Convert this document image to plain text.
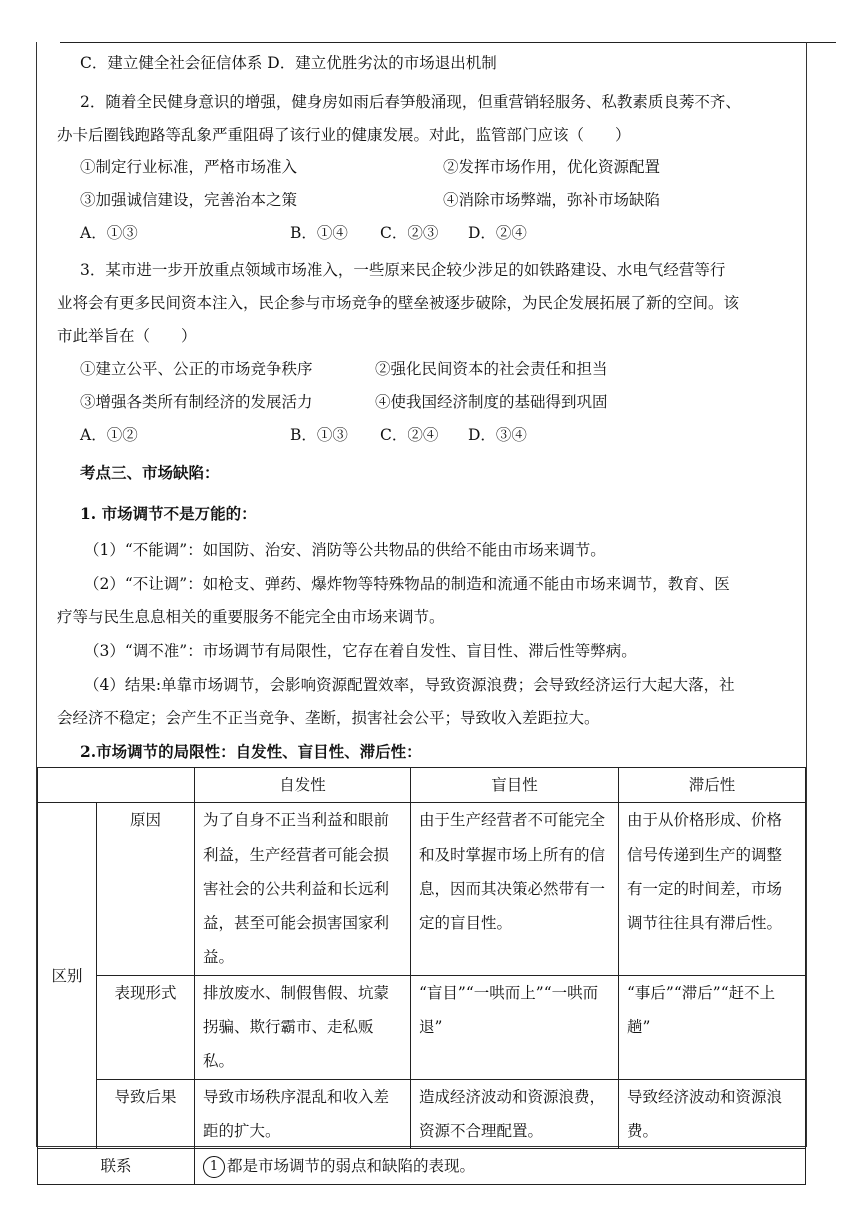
C．建立健全社会征信体系 D．建立优胜劣汰的市场退出机制
2．随着全民健身意识的增强，健身房如雨后春笋般涌现，但重营销轻服务、私教素质良莠不齐、
办卡后圈钱跑路等乱象严重阻碍了该行业的健康发展。对此，监管部门应该（　　）
①制定行业标准，严格市场准入	②发挥市场作用，优化资源配置
③加强诚信建设，完善治本之策	④消除市场弊端，弥补市场缺陷
A．①③	B．①④ C．②③ D．②④
3．某市进一步开放重点领域市场准入，一些原来民企较少涉足的如铁路建设、水电气经营等行
业将会有更多民间资本注入，民企参与市场竞争的壁垒被逐步破除，为民企发展拓展了新的空间。该
市此举旨在（　　）
①建立公平、公正的市场竞争秩序	②强化民间资本的社会责任和担当
③增强各类所有制经济的发展活力	④使我国经济制度的基础得到巩固
A．①②	B．①③ C．②④ D．③④
考点三、市场缺陷：
1. 市场调节不是万能的：
（1）“不能调”：如国防、治安、消防等公共物品的供给不能由市场来调节。
（2）“不让调”：如枪支、弹药、爆炸物等特殊物品的制造和流通不能由市场来调节，教育、医
疗等与民生息息相关的重要服务不能完全由市场来调节。
（3）“调不准”：市场调节有局限性，它存在着自发性、盲目性、滞后性等弊病。
（4）结果:单靠市场调节，会影响资源配置效率，导致资源浪费；会导致经济运行大起大落，社
会经济不稳定；会产生不正当竞争、垄断，损害社会公平；导致收入差距拉大。
2.市场调节的局限性：自发性、盲目性、滞后性：
		自发性	盲目性	滞后性
区别	原因	为了自身不正当利益和眼前利益，生产经营者可能会损害社会的公共利益和长远利益，甚至可能会损害国家利益。	由于生产经营者不可能完全和及时掌握市场上所有的信息，因而其决策必然带有一定的盲目性。	由于从价格形成、价格信号传递到生产的调整有一定的时间差，市场调节往往具有滞后性。
	表现形式	排放废水、制假售假、坑蒙拐骗、欺行霸市、走私贩私。	“盲目”“一哄而上”“一哄而退”	“事后”“滞后”“赶不上趟”
	导致后果	导致市场秩序混乱和收入差距的扩大。	造成经济波动和资源浪费，资源不合理配置。	导致经济波动和资源浪费。
联系		1 都是市场调节的弱点和缺陷的表现。		
